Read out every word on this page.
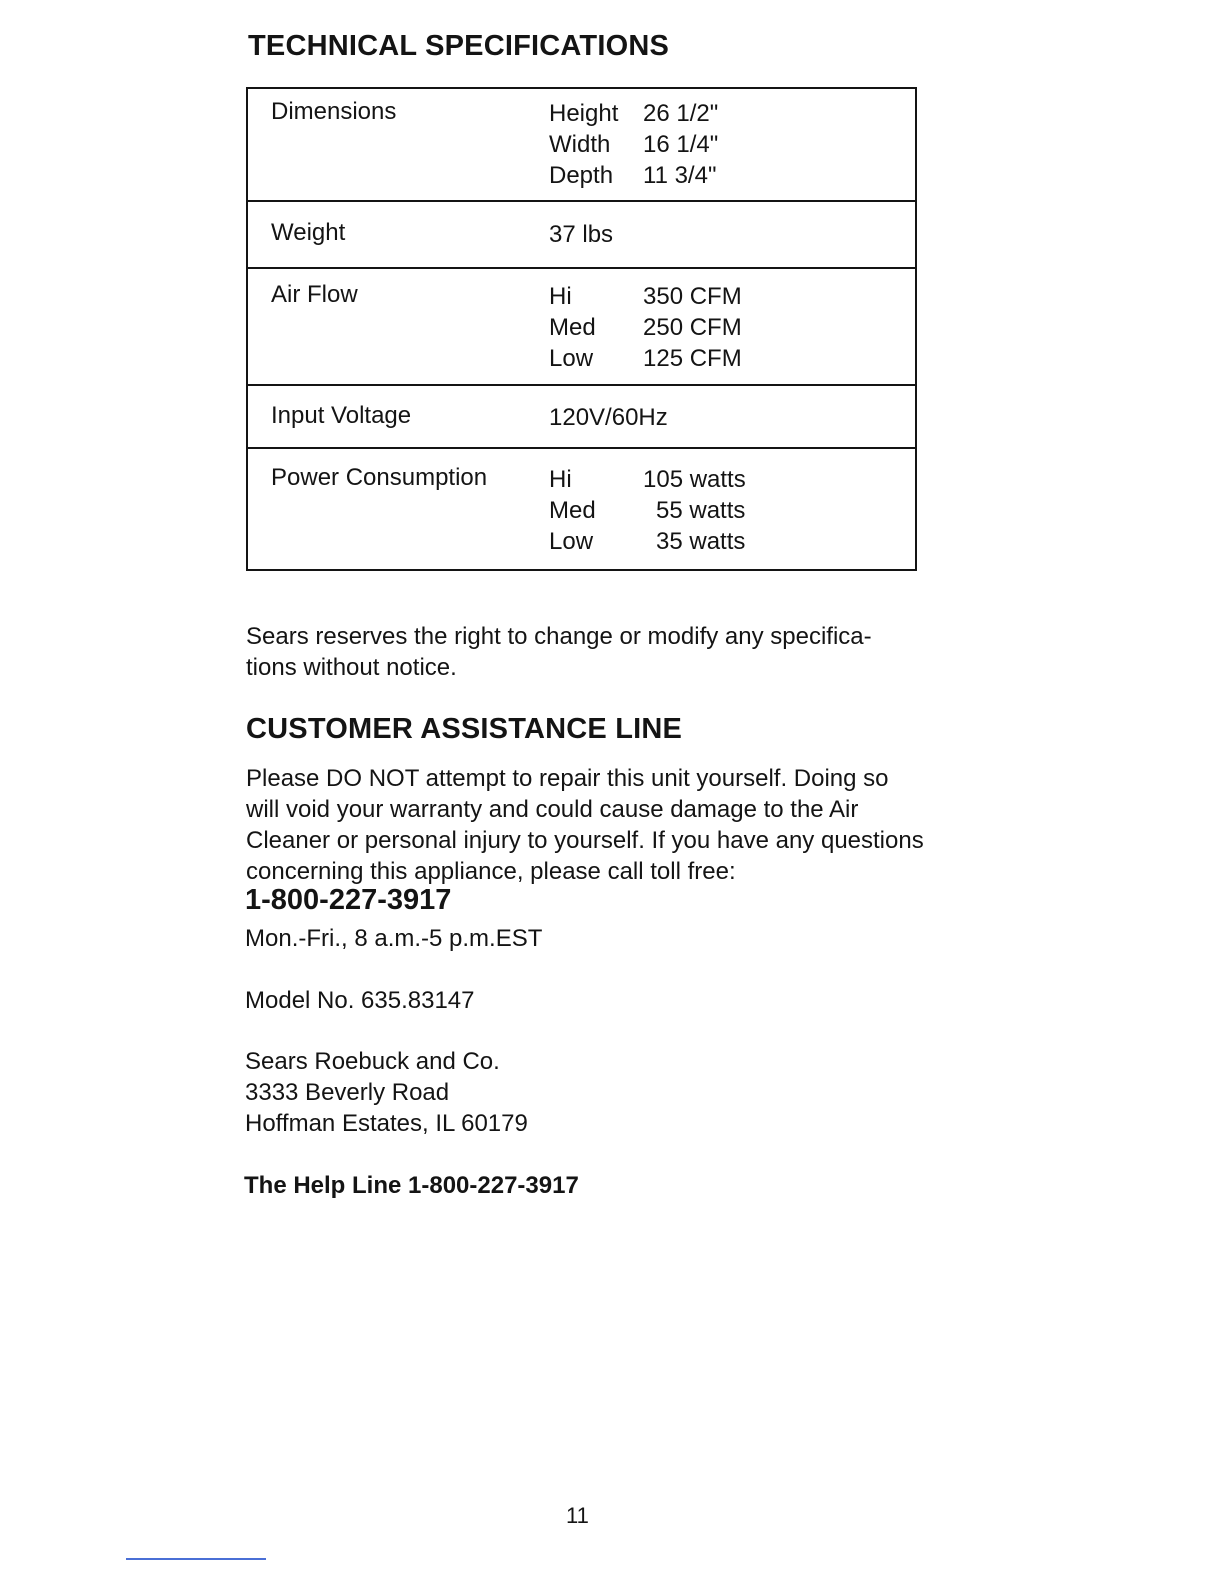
TECHNICAL SPECIFICATIONS
Dimensions	Height 26 1/2"
Width 16 1/4"
Depth 11 3/4"
Weight	37 lbs
Air Flow	Hi	350 CFM
Med 250 CFM
Low 125 CFM
Input Voltage	120V/60Hz
Power Consumption	Hi	105 watts
Med	55 watts
Low	35 watts

Sears reserves the right to change or modify any specifica- tions without notice.

CUSTOMER ASSISTANCE LINE

Please DO NOT attempt to repair this unit yourself. Doing so will void your warranty and could cause damage to the Air Cleaner or personal injury to yourself. If you have any questions concerning this appliance, please call toll free:

1-800-227-3917
Mon.-Fri., 8 a.m.-5 p.m.EST
Model No. 635.83147
Sears Roebuck and Co.
3333 Beverly Road
Hoffman Estates, IL 60179
The Help Line 1-800-227-3917
11
